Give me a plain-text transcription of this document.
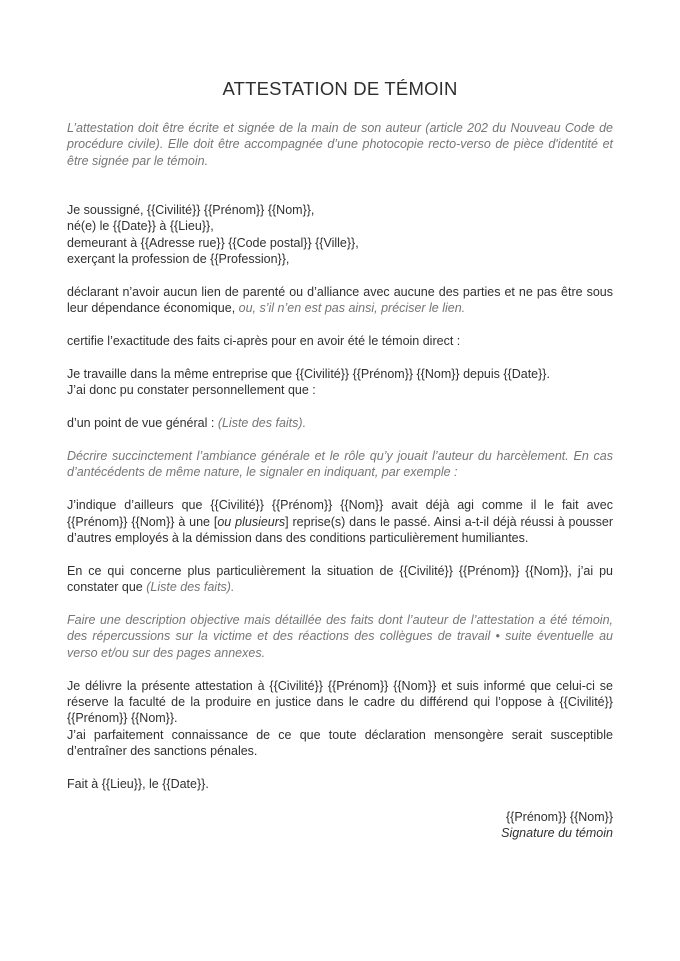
ATTESTATION DE TÉMOIN

L’attestation doit être écrite et signée de la main de son auteur (article 202 du Nouveau Code de procédure civile). Elle doit être accompagnée d’une photocopie recto-verso de pièce d'identité et être signée par le témoin.

Je soussigné, {{Civilité}} {{Prénom}} {{Nom}},
né(e) le {{Date}} à {{Lieu}},
demeurant à {{Adresse rue}} {{Code postal}} {{Ville}},
exerçant la profession de {{Profession}},

déclarant n’avoir aucun lien de parenté ou d’alliance avec aucune des parties et ne pas être sous leur dépendance économique, ou, s’il n’en est pas ainsi, préciser le lien.

certifie l’exactitude des faits ci-après pour en avoir été le témoin direct :

Je travaille dans la même entreprise que {{Civilité}} {{Prénom}} {{Nom}} depuis {{Date}}.
J’ai donc pu constater personnellement que :

d’un point de vue général : (Liste des faits).

Décrire succinctement l’ambiance générale et le rôle qu’y jouait l’auteur du harcèlement. En cas d’antécédents de même nature, le signaler en indiquant, par exemple :

J’indique d’ailleurs que {{Civilité}} {{Prénom}} {{Nom}} avait déjà agi comme il le fait avec {{Prénom}} {{Nom}} à une [ou plusieurs] reprise(s) dans le passé. Ainsi a-t-il déjà réussi à pousser d’autres employés à la démission dans des conditions particulièrement humiliantes.

En ce qui concerne plus particulièrement la situation de {{Civilité}} {{Prénom}} {{Nom}}, j’ai pu constater que (Liste des faits).

Faire une description objective mais détaillée des faits dont l’auteur de l’attestation a été témoin, des répercussions sur la victime et des réactions des collègues de travail • suite éventuelle au verso et/ou sur des pages annexes.

Je délivre la présente attestation à {{Civilité}} {{Prénom}} {{Nom}} et suis informé que celui-ci se réserve la faculté de la produire en justice dans le cadre du différend qui l’oppose à {{Civilité}} {{Prénom}} {{Nom}}.
J’ai parfaitement connaissance de ce que toute déclaration mensongère serait susceptible d’entraîner des sanctions pénales.

Fait à {{Lieu}}, le {{Date}}.

{{Prénom}} {{Nom}}
Signature du témoin
